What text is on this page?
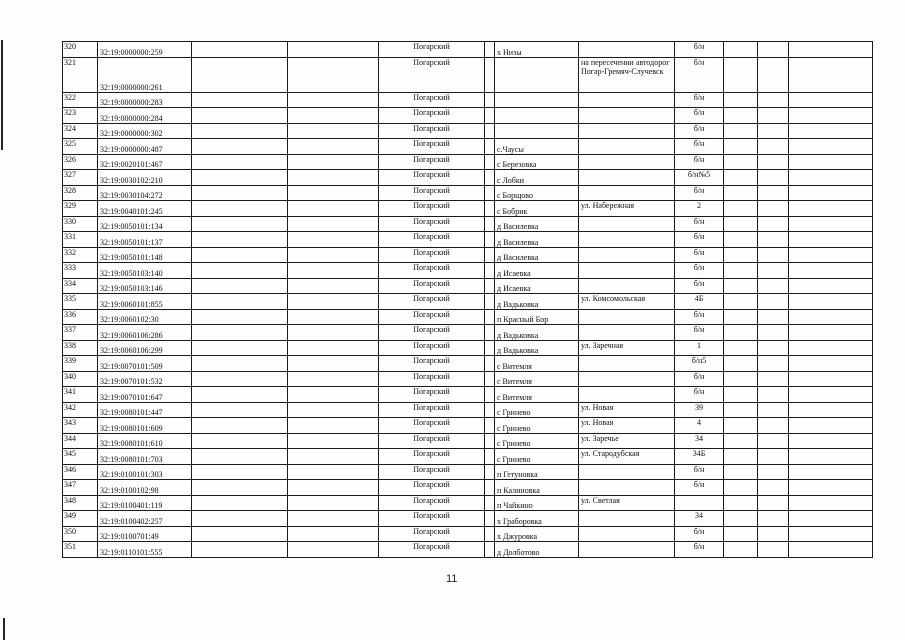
320	32:19:0000000:259			Погарский		х Низы		б/н			
321	32:19:0000000:261			Погарский			на пересечении автодорог Погар-Гремяч-Случевск	б/н			
322	32:19:0000000:283			Погарский				б/н			
323	32:19:0000000:284			Погарский				б/н			
324	32:19:0000000:302			Погарский				б/н			
325	32:19:0000000:487			Погарский		с.Чаусы		б/н			
326	32:19:0020101:467			Погарский		с Березовка		б/н			
327	32:19:0030102:210			Погарский		с Лобки		б/н№5			
328	32:19:0030104:272			Погарский		с Борщово		б/н			
329	32:19:0040101:245			Погарский		с Бобрик	ул. Набережная	2			
330	32:19:0050101:134			Погарский		д Василевка		б/н			
331	32:19:0050101:137			Погарский		д Василевка		б/н			
332	32:19:0050101:148			Погарский		д Василевка		б/н			
333	32:19:0050103:140			Погарский		д Исаевка		б/н			
334	32:19:0050103:146			Погарский		д Исаевка		б/н			
335	32:19:0060101:855			Погарский		д Вадьковка	ул. Комсомольская	4Б			
336	32:19:0060102:30			Погарский		п Красный Бор		б/н			
337	32:19:0060106:286			Погарский		д Вадьковка		б/н			
338	32:19:0060106:299			Погарский		д Вадьковка	ул. Заречная	1			
339	32:19:0070101:509			Погарский		с Витемля		б/н5			
340	32:19:0070101:532			Погарский		с Витемля		б/н			
341	32:19:0070101:647			Погарский		с Витемля		б/н			
342	32:19:0080101:447			Погарский		с Гринево	ул. Новая	39			
343	32:19:0080101:609			Погарский		с Гринево	ул. Новая	4			
344	32:19:0080101:610			Погарский		с Гринево	ул. Заречье	34			
345	32:19:0080101:703			Погарский		с Гринево	ул. Стародубская	34Б			
346	32:19:0100101:303			Погарский		п Гетуновка		б/н			
347	32:19:0100102:98			Погарский		п Калиновка		б/н			
348	32:19:0100401:119			Погарский		п Чайкино	ул. Светлая				
349	32:19:0100402:257			Погарский		х Граборовка		34			
350	32:19:0100701:49			Погарский		х Джуровка		б/н			
351	32:19:0110101:555			Погарский		д Долботово		б/н			
11
